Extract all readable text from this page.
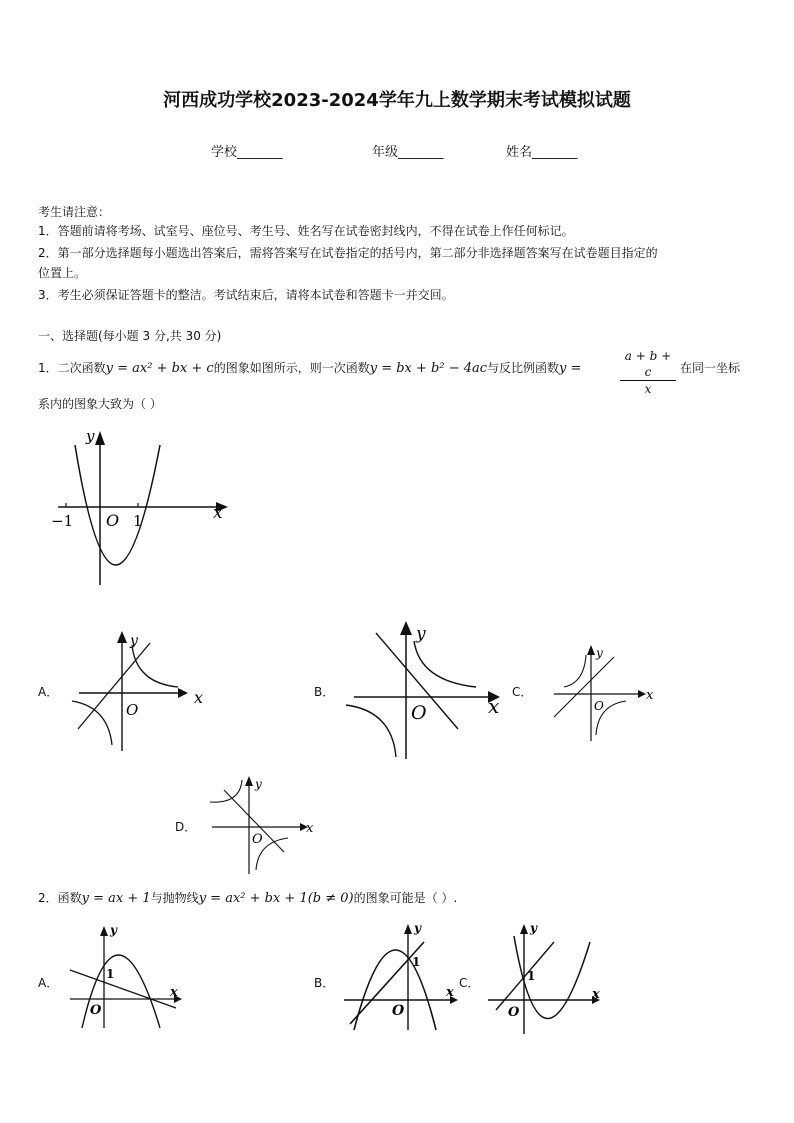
河西成功学校2023-2024学年九上数学期末考试模拟试题
学校_______	年级_______	姓名_______
考生请注意：
1．答题前请将考场、试室号、座位号、考生号、姓名写在试卷密封线内，不得在试卷上作任何标记。
2．第一部分选择题每小题选出答案后，需将答案写在试卷指定的括号内，第二部分非选择题答案写在试卷题目指定的
位置上。
3．考生必须保证答题卡的整洁。考试结束后，请将本试卷和答题卡一并交回。
一、选择题(每小题 3 分,共 30 分)
1．二次函数y = ax² + bx + c的图象如图所示，则一次函数y = bx + b² − 4ac与反比例函数y =	$\frac{a + b + c}{x}$ 在同一坐标
系内的图象大致为（ ）
y
x
−1 O 1
A．
y
x
O
B．
y
x
O
C．
y
x
O
D．
y
x
O
2．函数y = ax + 1与抛物线y = ax² + bx + 1(b ≠ 0)的图象可能是（ ）.
A．
y
x
1
O
B．
y
x
1
O
C．
y
x
1
O
